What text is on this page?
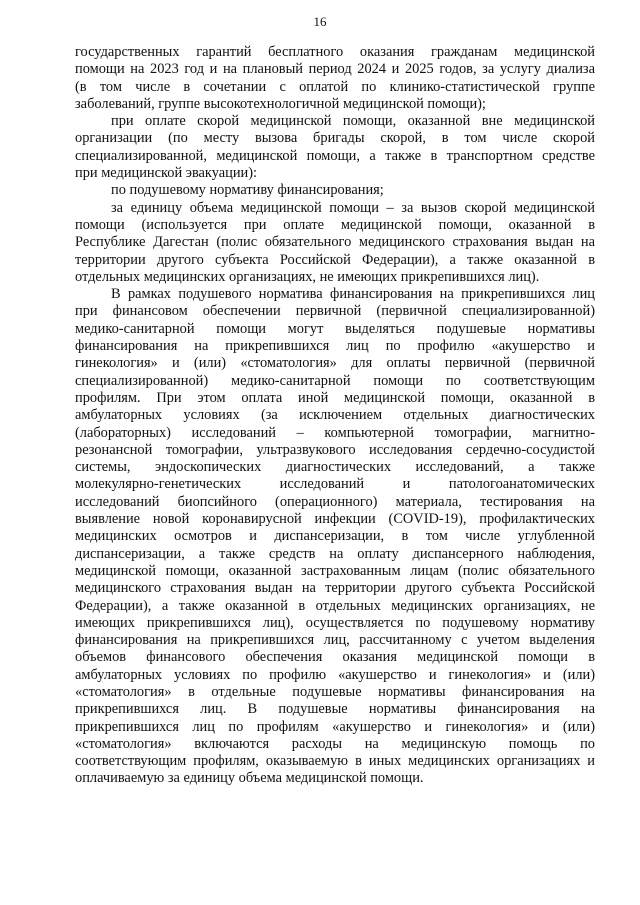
16

государственных гарантий бесплатного оказания гражданам медицинской
помощи на 2023 год и на плановый период 2024 и 2025 годов, за услугу диализа
(в том числе в сочетании с оплатой по клинико-статистической группе
заболеваний, группе высокотехнологичной медицинской помощи);

при оплате скорой медицинской помощи, оказанной вне медицинской
организации (по месту вызова бригады скорой, в том числе скорой
специализированной, медицинской помощи, а также в транспортном средстве
при медицинской эвакуации):

по подушевому нормативу финансирования;

за единицу объема медицинской помощи – за вызов скорой медицинской
помощи (используется при оплате медицинской помощи, оказанной в
Республике Дагестан (полис обязательного медицинского страхования выдан на
территории другого субъекта Российской Федерации), а также оказанной в
отдельных медицинских организациях, не имеющих прикрепившихся лиц).

В рамках подушевого норматива финансирования на прикрепившихся лиц
при финансовом обеспечении первичной (первичной специализированной)
медико-санитарной помощи могут выделяться подушевые нормативы
финансирования на прикрепившихся лиц по профилю «акушерство и
гинекология» и (или) «стоматология» для оплаты первичной (первичной
специализированной) медико-санитарной помощи по соответствующим
профилям. При этом оплата иной медицинской помощи, оказанной в
амбулаторных условиях (за исключением отдельных диагностических
(лабораторных) исследований – компьютерной томографии, магнитно-
резонансной томографии, ультразвукового исследования сердечно-сосудистой
системы, эндоскопических диагностических исследований, а также
молекулярно-генетических исследований и патологоанатомических
исследований биопсийного (операционного) материала, тестирования на
выявление новой коронавирусной инфекции (COVID-19), профилактических
медицинских осмотров и диспансеризации, в том числе углубленной
диспансеризации, а также средств на оплату диспансерного наблюдения,
медицинской помощи, оказанной застрахованным лицам (полис обязательного
медицинского страхования выдан на территории другого субъекта Российской
Федерации), а также оказанной в отдельных медицинских организациях, не
имеющих прикрепившихся лиц), осуществляется по подушевому нормативу
финансирования на прикрепившихся лиц, рассчитанному с учетом выделения
объемов финансового обеспечения оказания медицинской помощи в
амбулаторных условиях по профилю «акушерство и гинекология» и (или)
«стоматология» в отдельные подушевые нормативы финансирования на
прикрепившихся лиц. В подушевые нормативы финансирования на
прикрепившихся лиц по профилям «акушерство и гинекология» и (или)
«стоматология» включаются расходы на медицинскую помощь по
соответствующим профилям, оказываемую в иных медицинских организациях и
оплачиваемую за единицу объема медицинской помощи.
